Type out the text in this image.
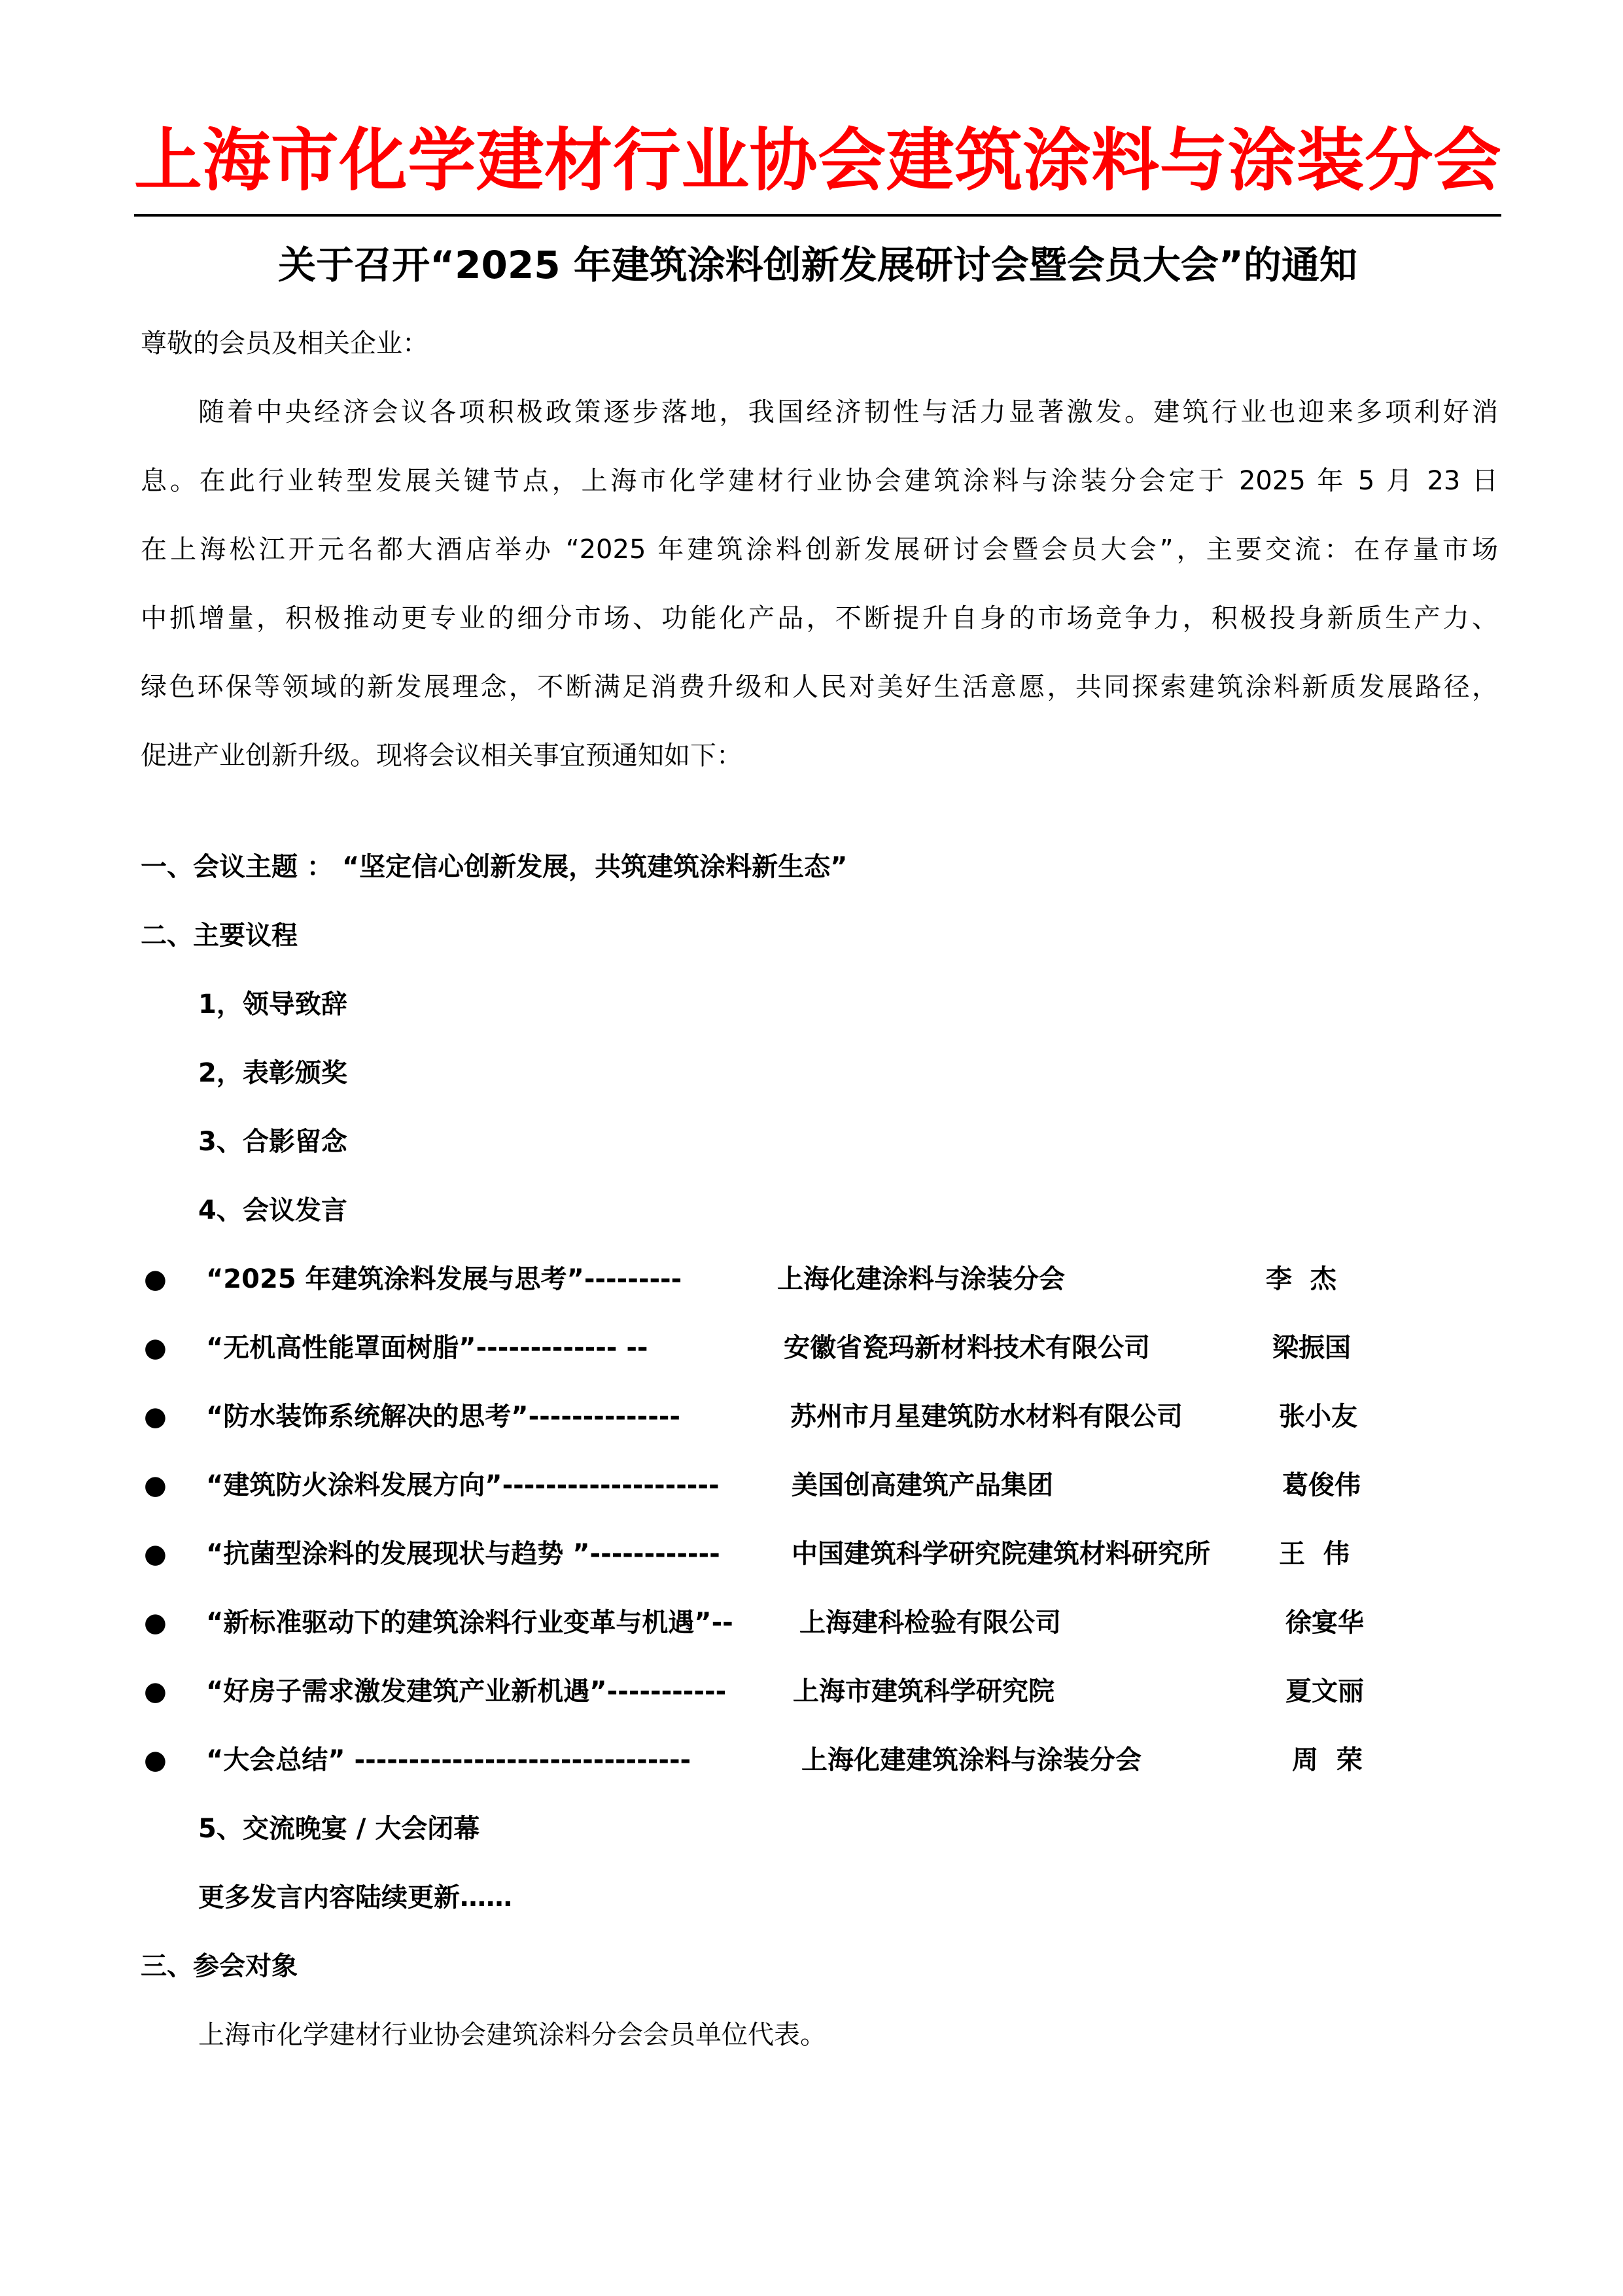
上 海 市 化 学 建 材 行 业 协 会 建 筑 涂 料 与 涂 装 分 会
关于召开“2025 年建筑涂料创新发展研讨会暨会员大会”的通知
尊敬的会员及相关企业：
随着中央经济会议各项积极政策逐步落地，我国经济韧性与活力显著激发。建筑行业也迎来多项利好消
息。在此行业转型发展关键节点，上海市化学建材行业协会建筑涂料与涂装分会定于 2025 年 5 月 23 日
在上海松江开元名都大酒店举办 “2025 年建筑涂料创新发展研讨会暨会员大会”，主要交流：在存量市场
中抓增量，积极推动更专业的细分市场、功能化产品，不断提升自身的市场竞争力，积极投身新质生产力、
绿色环保等领域的新发展理念，不断满足消费升级和人民对美好生活意愿，共同探索建筑涂料新质发展路径，
促进产业创新升级。现将会议相关事宜预通知如下：
一、会议主题 ： “坚定信心创新发展，共筑建筑涂料新生态”
二、主要议程
1，领导致辞
2，表彰颁奖
3、合影留念
4、会议发言
● “2025 年建筑涂料发展与思考”---------	上海化建涂料与涂装分会	李  杰
● “无机高性能罩面树脂”------------- --	安徽省瓷玛新材料技术有限公司	梁振国
● “防水装饰系统解决的思考”--------------	苏州市月星建筑防水材料有限公司	张小友
● “建筑防火涂料发展方向”--------------------	美国创高建筑产品集团	葛俊伟
● “抗菌型涂料的发展现状与趋势 ”------------	中国建筑科学研究院建筑材料研究所	王  伟
● “新标准驱动下的建筑涂料行业变革与机遇”--	上海建科检验有限公司	徐宴华
● “好房子需求激发建筑产业新机遇”-----------	上海市建筑科学研究院	夏文丽
● “大会总结” -------------------------------	上海化建建筑涂料与涂装分会	周  荣
5、交流晚宴 / 大会闭幕
更多发言内容陆续更新……
三、参会对象
上海市化学建材行业协会建筑涂料分会会员单位代表。
